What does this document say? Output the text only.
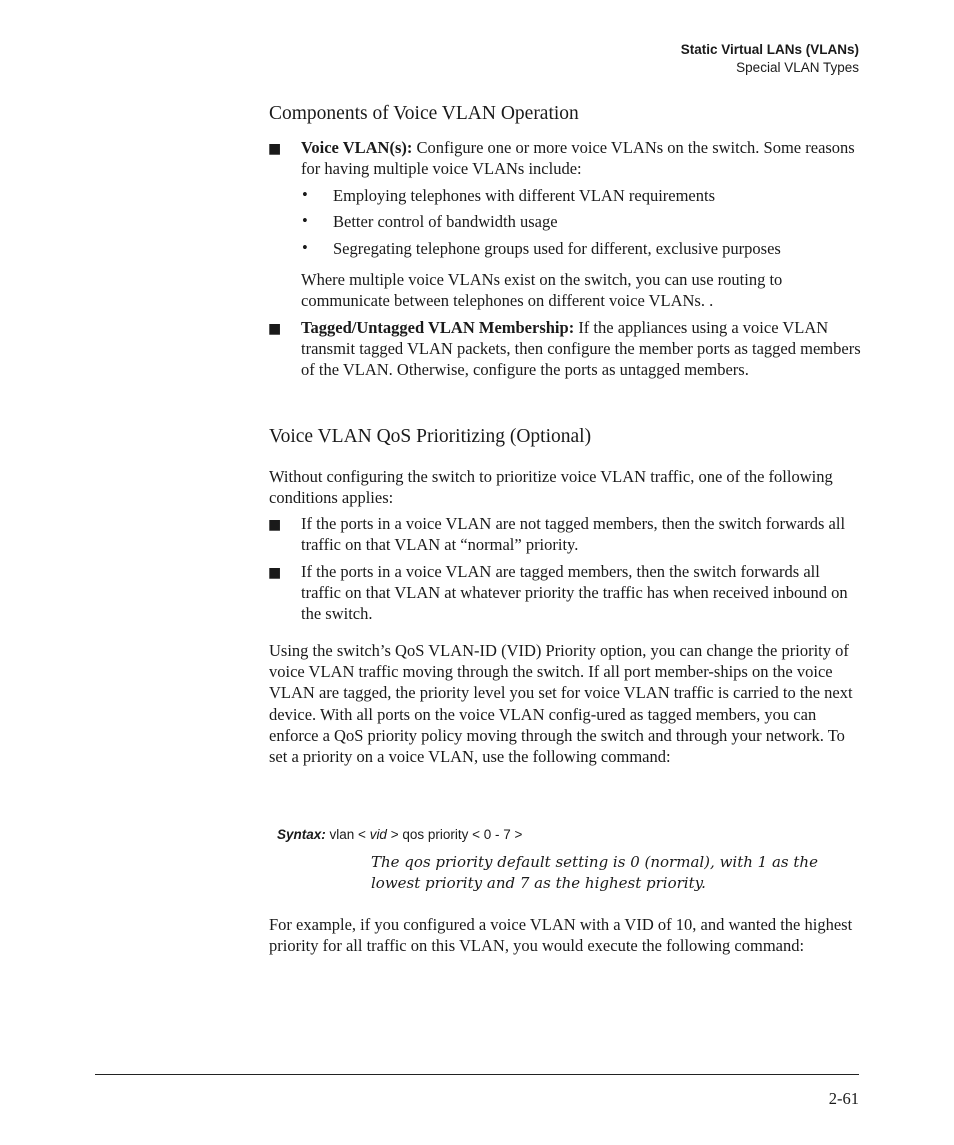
Static Virtual LANs (VLANs)
Special VLAN Types
Components of Voice VLAN Operation
■ Voice VLAN(s): Configure one or more voice VLANs on the switch. Some reasons for having multiple voice VLANs include:
• Employing telephones with different VLAN requirements
• Better control of bandwidth usage
• Segregating telephone groups used for different, exclusive purposes
Where multiple voice VLANs exist on the switch, you can use routing to communicate between telephones on different voice VLANs. .
■ Tagged/Untagged VLAN Membership: If the appliances using a voice VLAN transmit tagged VLAN packets, then configure the member ports as tagged members of the VLAN. Otherwise, configure the ports as untagged members.
Voice VLAN QoS Prioritizing (Optional)
Without configuring the switch to prioritize voice VLAN traffic, one of the following conditions applies:
■ If the ports in a voice VLAN are not tagged members, then the switch forwards all traffic on that VLAN at “normal” priority.
■ If the ports in a voice VLAN are tagged members, then the switch forwards all traffic on that VLAN at whatever priority the traffic has when received inbound on the switch.
Using the switch’s QoS VLAN-ID (VID) Priority option, you can change the priority of voice VLAN traffic moving through the switch. If all port member-ships on the voice VLAN are tagged, the priority level you set for voice VLAN traffic is carried to the next device. With all ports on the voice VLAN config-ured as tagged members, you can enforce a QoS priority policy moving through the switch and through your network. To set a priority on a voice VLAN, use the following command:
Syntax: vlan < vid > qos priority < 0 - 7 >
The qos priority default setting is 0 (normal), with 1 as the lowest priority and 7 as the highest priority.
For example, if you configured a voice VLAN with a VID of 10, and wanted the highest priority for all traffic on this VLAN, you would execute the following command:
2-61
